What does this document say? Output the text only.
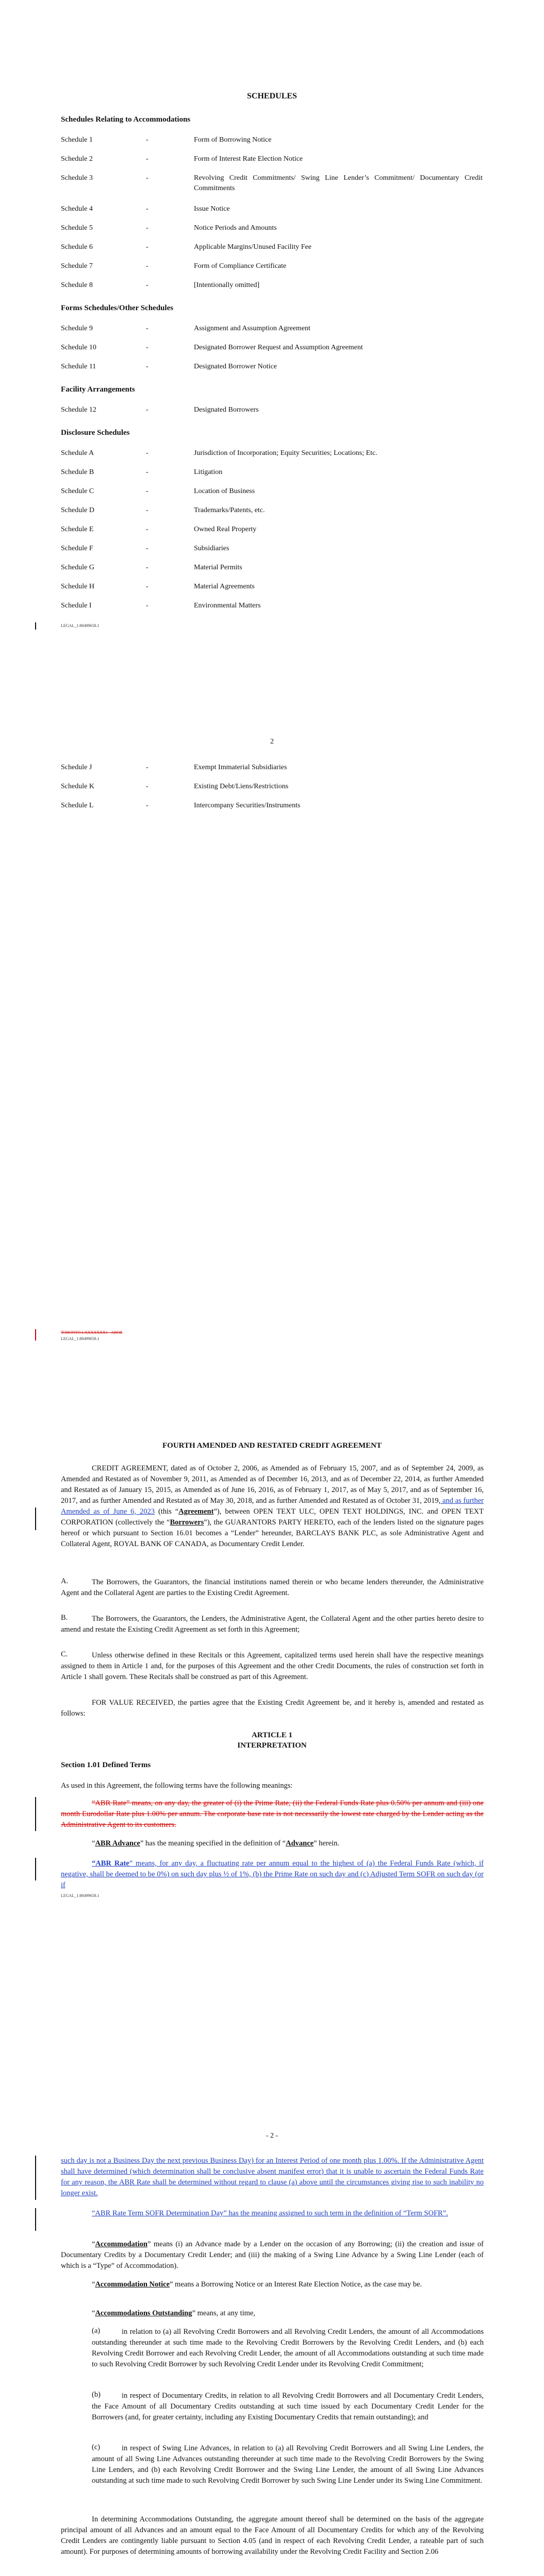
SCHEDULES
Schedules Relating to Accommodations
Schedule 1	-	Form of Borrowing Notice
Schedule 2	-	Form of Interest Rate Election Notice
Schedule 3	-	Revolving Credit Commitments/ Swing Line Lender’s Commitment/ Documentary Credit Commitments
Schedule 4	-	Issue Notice
Schedule 5	-	Notice Periods and Amounts
Schedule 6	-	Applicable Margins/Unused Facility Fee
Schedule 7	-	Form of Compliance Certificate
Schedule 8	-	[Intentionally omitted]
Forms Schedules/Other Schedules
Schedule 9	-	Assignment and Assumption Agreement
Schedule 10	-	Designated Borrower Request and Assumption Agreement
Schedule 11	-	Designated Borrower Notice
Facility Arrangements
Schedule 12	-	Designated Borrowers
Disclosure Schedules
Schedule A	-	Jurisdiction of Incorporation; Equity Securities; Locations; Etc.
Schedule B	-	Litigation
Schedule C	-	Location of Business
Schedule D	-	Trademarks/Patents, etc.
Schedule E	-	Owned Real Property
Schedule F	-	Subsidiaries
Schedule G	-	Material Permits
Schedule H	-	Material Agreements
Schedule I	-	Environmental Matters
LEGAL_1:80499658.1
2
Schedule J	-	Exempt Immaterial Subsidiaries
Schedule K	-	Existing Debt/Liens/Restrictions
Schedule L	-	Intercompany Securities/Instruments
TORONTO:1:XXXXXXX1 - ABOR
LEGAL_1:80499658.1
FOURTH AMENDED AND RESTATED CREDIT AGREEMENT

CREDIT AGREEMENT, dated as of October 2, 2006, as Amended as of February 15, 2007, and as of September 24, 2009, as Amended and Restated as of November 9, 2011, as Amended as of December 16, 2013, and as of December 22, 2014, as further Amended and Restated as of January 15, 2015, as Amended as of June 16, 2016, as of February 1, 2017, as of May 5, 2017, and as of September 16, 2017, and as further Amended and Restated as of May 30, 2018, and as further Amended and Restated as of October 31, 2019, and as further Amended as of June 6, 2023 (this “Agreement”), between OPEN TEXT ULC, OPEN TEXT HOLDINGS, INC. and OPEN TEXT CORPORATION (collectively the “Borrowers”), the GUARANTORS PARTY HERETO, each of the lenders listed on the signature pages hereof or which pursuant to Section 16.01 becomes a “Lender” hereunder, BARCLAYS BANK PLC, as sole Administrative Agent and Collateral Agent, ROYAL BANK OF CANADA, as Documentary Credit Lender.

A.	The Borrowers, the Guarantors, the financial institutions named therein or who became lenders thereunder, the Administrative Agent and the Collateral Agent are parties to the Existing Credit Agreement.

B.	The Borrowers, the Guarantors, the Lenders, the Administrative Agent, the Collateral Agent and the other parties hereto desire to amend and restate the Existing Credit Agreement as set forth in this Agreement;

C.	Unless otherwise defined in these Recitals or this Agreement, capitalized terms used herein shall have the respective meanings assigned to them in Article 1 and, for the purposes of this Agreement and the other Credit Documents, the rules of construction set forth in Article 1 shall govern. These Recitals shall be construed as part of this Agreement.

FOR VALUE RECEIVED, the parties agree that the Existing Credit Agreement be, and it hereby is, amended and restated as follows:

ARTICLE 1
INTERPRETATION
Section 1.01 Defined Terms

As used in this Agreement, the following terms have the following meanings:

“ABR Rate” means, on any day, the greater of (i) the Prime Rate, (ii) the Federal Funds Rate plus 0.50% per annum and (iii) one month Eurodollar Rate plus 1.00% per annum. The corporate base rate is not necessarily the lowest rate charged by the Lender acting as the Administrative Agent to its customers.

“ABR Advance” has the meaning specified in the definition of “Advance” herein.

“ABR Rate” means, for any day, a fluctuating rate per annum equal to the highest of (a) the Federal Funds Rate (which, if negative, shall be deemed to be 0%) on such day plus ½ of 1%, (b) the Prime Rate on such day and (c) Adjusted Term SOFR on such day (or if

LEGAL_1:80499658.1
- 2 -

such day is not a Business Day the next previous Business Day) for an Interest Period of one month plus 1.00%. If the Administrative Agent shall have determined (which determination shall be conclusive absent manifest error) that it is unable to ascertain the Federal Funds Rate for any reason, the ABR Rate shall be determined without regard to clause (a) above until the circumstances giving rise to such inability no longer exist.

“ABR Rate Term SOFR Determination Day” has the meaning assigned to such term in the definition of “Term SOFR”.

“Accommodation” means (i) an Advance made by a Lender on the occasion of any Borrowing; (ii) the creation and issue of Documentary Credits by a Documentary Credit Lender; and (iii) the making of a Swing Line Advance by a Swing Line Lender (each of which is a “Type” of Accommodation).

“Accommodation Notice” means a Borrowing Notice or an Interest Rate Election Notice, as the case may be.

“Accommodations Outstanding” means, at any time,

(a)	in relation to (a) all Revolving Credit Borrowers and all Revolving Credit Lenders, the amount of all Accommodations outstanding thereunder at such time made to the Revolving Credit Borrowers by the Revolving Credit Lenders, and (b) each Revolving Credit Borrower and each Revolving Credit Lender, the amount of all Accommodations outstanding at such time made to such Revolving Credit Borrower by such Revolving Credit Lender under its Revolving Credit Commitment;

(b)	in respect of Documentary Credits, in relation to all Revolving Credit Borrowers and all Documentary Credit Lenders, the Face Amount of all Documentary Credits outstanding at such time issued by each Documentary Credit Lender for the Borrowers (and, for greater certainty, including any Existing Documentary Credits that remain outstanding); and

(c)	in respect of Swing Line Advances, in relation to (a) all Revolving Credit Borrowers and all Swing Line Lenders, the amount of all Swing Line Advances outstanding thereunder at such time made to the Revolving Credit Borrowers by the Swing Line Lenders, and (b) each Revolving Credit Borrower and the Swing Line Lender, the amount of all Swing Line Advances outstanding at such time made to such Revolving Credit Borrower by such Swing Line Lender under its Swing Line Commitment.

In determining Accommodations Outstanding, the aggregate amount thereof shall be determined on the basis of the aggregate principal amount of all Advances and an amount equal to the Face Amount of all Documentary Credits for which any of the Revolving Credit Lenders are contingently liable pursuant to Section 4.05 (and in respect of each Revolving Credit Lender, a rateable part of such amount). For purposes of determining amounts of borrowing availability under the Revolving Credit Facility and Section 2.06
